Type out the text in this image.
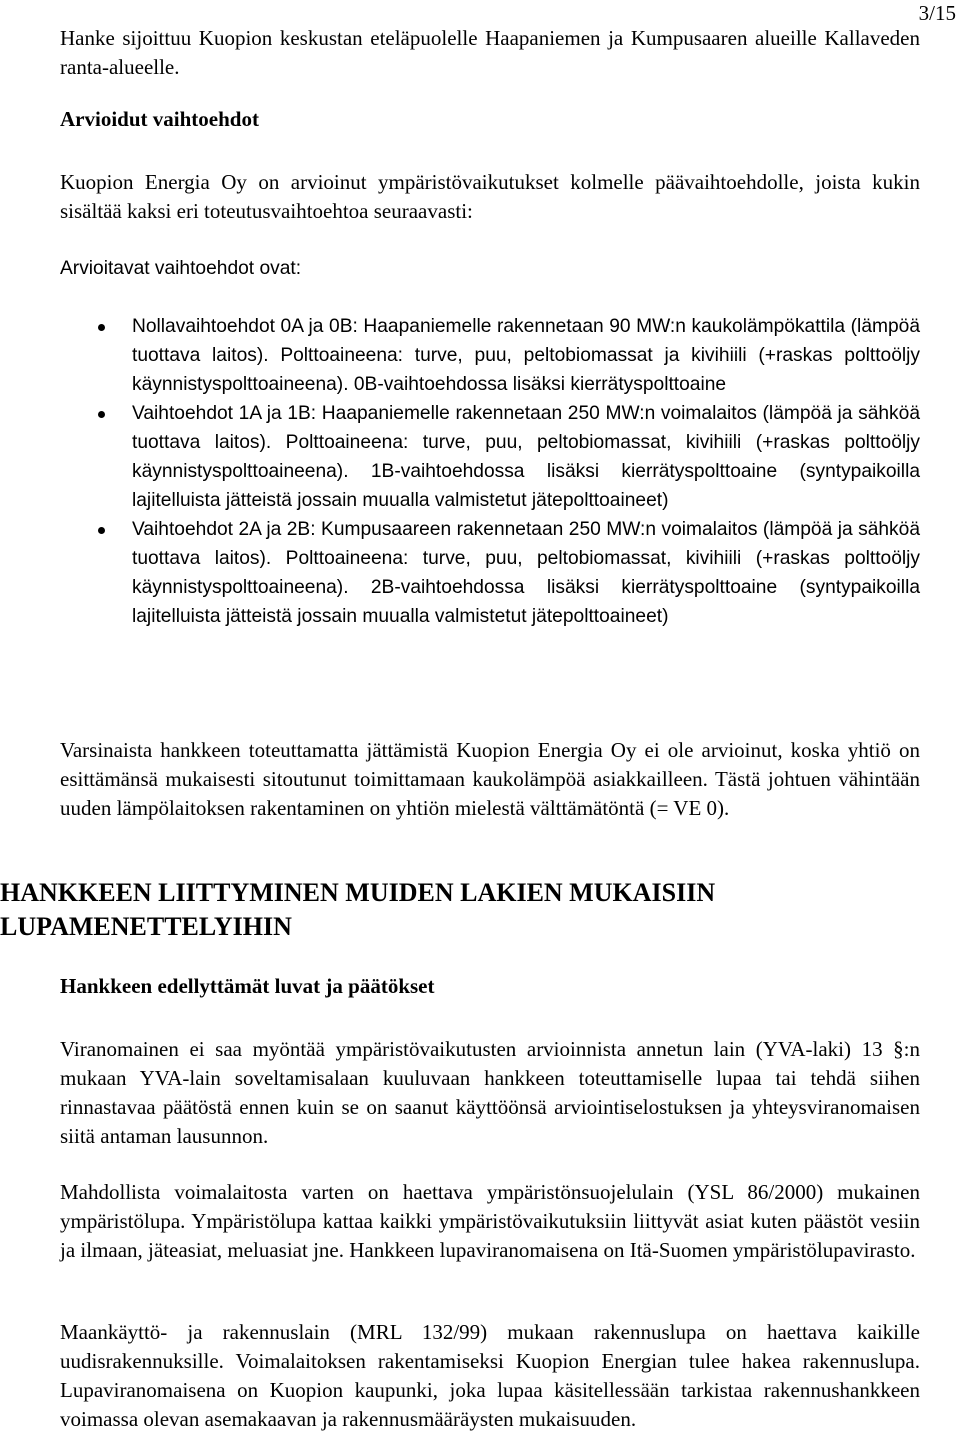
3/15

Hanke sijoittuu Kuopion keskustan eteläpuolelle Haapaniemen ja Kumpusaaren alueille Kallaveden ranta-alueelle.

Arvioidut vaihtoehdot

Kuopion Energia Oy on arvioinut ympäristövaikutukset kolmelle päävaihtoehdolle, joista kukin sisältää kaksi eri toteutusvaihtoehtoa seuraavasti:

Arvioitavat vaihtoehdot ovat:

Nollavaihtoehdot 0A ja 0B: Haapaniemelle rakennetaan 90 MW:n kaukolämpökattila (lämpöä tuottava laitos). Polttoaineena: turve, puu, peltobiomassat ja kivihiili (+raskas polttoöljy käynnistyspolttoaineena). 0B-vaihtoehdossa lisäksi kierrätyspolttoaine
Vaihtoehdot 1A ja 1B: Haapaniemelle rakennetaan 250 MW:n voimalaitos (lämpöä ja sähköä tuottava laitos). Polttoaineena: turve, puu, peltobiomassat, kivihiili (+raskas polttoöljy käynnistyspolttoaineena). 1B-vaihtoehdossa lisäksi kierrätyspolttoaine (syntypaikoilla lajitelluista jätteistä jossain muualla valmistetut jätepolttoaineet)
Vaihtoehdot 2A ja 2B: Kumpusaareen rakennetaan 250 MW:n voimalaitos (lämpöä ja sähköä tuottava laitos). Polttoaineena: turve, puu, peltobiomassat, kivihiili (+raskas polttoöljy käynnistyspolttoaineena). 2B-vaihtoehdossa lisäksi kierrätyspolttoaine (syntypaikoilla lajitelluista jätteistä jossain muualla valmistetut jätepolttoaineet)

Varsinaista hankkeen toteuttamatta jättämistä Kuopion Energia Oy ei ole arvioinut, koska yhtiö on esittämänsä mukaisesti sitoutunut toimittamaan kaukolämpöä asiakkailleen. Tästä johtuen vähintään uuden lämpölaitoksen rakentaminen on yhtiön mielestä välttämätöntä (= VE 0).

HANKKEEN LIITTYMINEN MUIDEN LAKIEN MUKAISIIN LUPAMENETTELYIHIN

Hankkeen edellyttämät luvat ja päätökset

Viranomainen ei saa myöntää ympäristövaikutusten arvioinnista annetun lain (YVA-laki) 13 §:n mukaan YVA-lain soveltamisalaan kuuluvaan hankkeen toteuttamiselle lupaa tai tehdä siihen rinnastavaa päätöstä ennen kuin se on saanut käyttöönsä arviointiselostuksen ja yhteysviranomaisen siitä antaman lausunnon.

Mahdollista voimalaitosta varten on haettava ympäristönsuojelulain (YSL 86/2000) mukainen ympäristölupa. Ympäristölupa kattaa kaikki ympäristövaikutuksiin liittyvät asiat kuten päästöt vesiin ja ilmaan, jäteasiat, meluasiat jne. Hankkeen lupaviranomaisena on Itä-Suomen ympäristölupavirasto.

Maankäyttö- ja rakennuslain (MRL 132/99) mukaan rakennuslupa on haettava kaikille uudisrakennuksille. Voimalaitoksen rakentamiseksi Kuopion Energian tulee hakea rakennuslupa. Lupaviranomaisena on Kuopion kaupunki, joka lupaa käsitellessään tarkistaa rakennushankkeen voimassa olevan asemakaavan ja rakennusmääräysten mukaisuuden.
